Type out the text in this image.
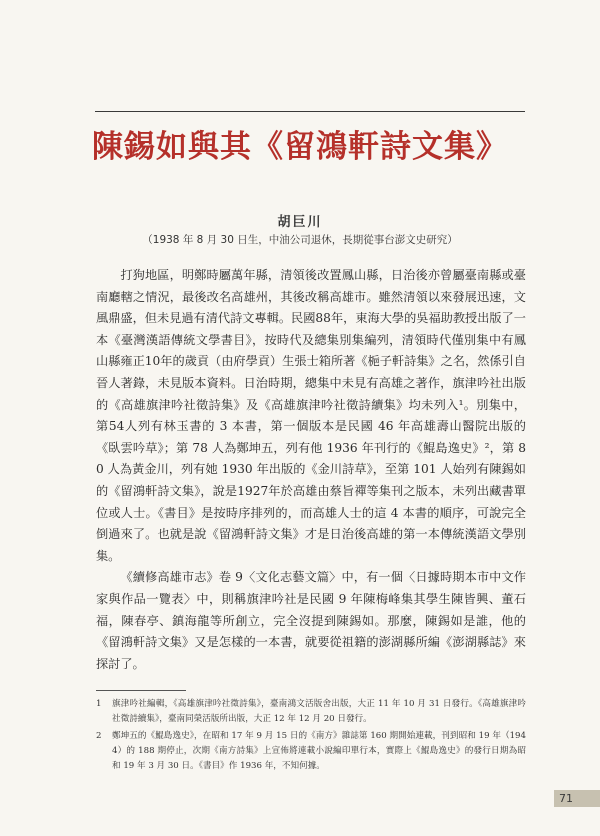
陳錫如與其《留鴻軒詩文集》
胡巨川
（1938 年 8 月 30 日生，中油公司退休，長期從事台澎文史研究）

打狗地區，明鄭時屬萬年縣，清領後改置鳳山縣，日治後亦曾屬臺南縣或臺南廳轄之情況，最後改名高雄州，其後改稱高雄市。雖然清領以來發展迅速，文風鼎盛，但未見過有清代詩文專輯。民國88年，東海大學的吳福助教授出版了一本《臺灣漢語傳統文學書目》，按時代及總集別集編列，清領時代僅別集中有鳳山縣雍正10年的歲貢（由府學貢）生張士箱所著《梔子軒詩集》之名，然係引自晉人著錄，未見版本資料。日治時期，總集中未見有高雄之著作，旗津吟社出版的《高雄旗津吟社徵詩集》及《高雄旗津吟社徵詩續集》均未列入¹。別集中，第54人列有林玉書的 3 本書，第一個版本是民國 46 年高雄壽山醫院出版的《臥雲吟草》；第 78 人為鄭坤五，列有他 1936 年刊行的《鯤島逸史》²，第 80 人為黃金川，列有她 1930 年出版的《金川詩草》，至第 101 人始列有陳錫如的《留鴻軒詩文集》，說是1927年於高雄由蔡旨禪等集刊之版本，未列出藏書單位或人士。《書目》是按時序排列的，而高雄人士的這 4 本書的順序，可說完全倒過來了。也就是說《留鴻軒詩文集》才是日治後高雄的第一本傳統漢語文學別集。

《續修高雄市志》卷 9〈文化志藝文篇〉中，有一個〈日據時期本市中文作家與作品一覽表〉中，則稱旗津吟社是民國 9 年陳梅峰集其學生陳皆興、董石福，陳春亭、鎮海龍等所創立，完全沒提到陳錫如。那麼，陳錫如是誰，他的《留鴻軒詩文集》又是怎樣的一本書，就要從祖籍的澎湖縣所編《澎湖縣誌》來探討了。

1	旗津吟社編輯，《高雄旗津吟社徵詩集》，臺南鴻文活版舍出版，大正 11 年 10 月 31 日發行。《高雄旗津吟社徵詩續集》，臺南同榮活版所出版，大正 12 年 12 月 20 日發行。
2	鄭坤五的《鯤島逸史》，在昭和 17 年 9 月 15 日的《南方》雜誌第 160 期開始連載，刊到昭和 19 年（1944）的 188 期停止，次期《南方詩集》上宣佈將連載小說編印單行本，實際上《鯤島逸史》的發行日期為昭和 19 年 3 月 30 日。《書目》作 1936 年，不知何據。
71
